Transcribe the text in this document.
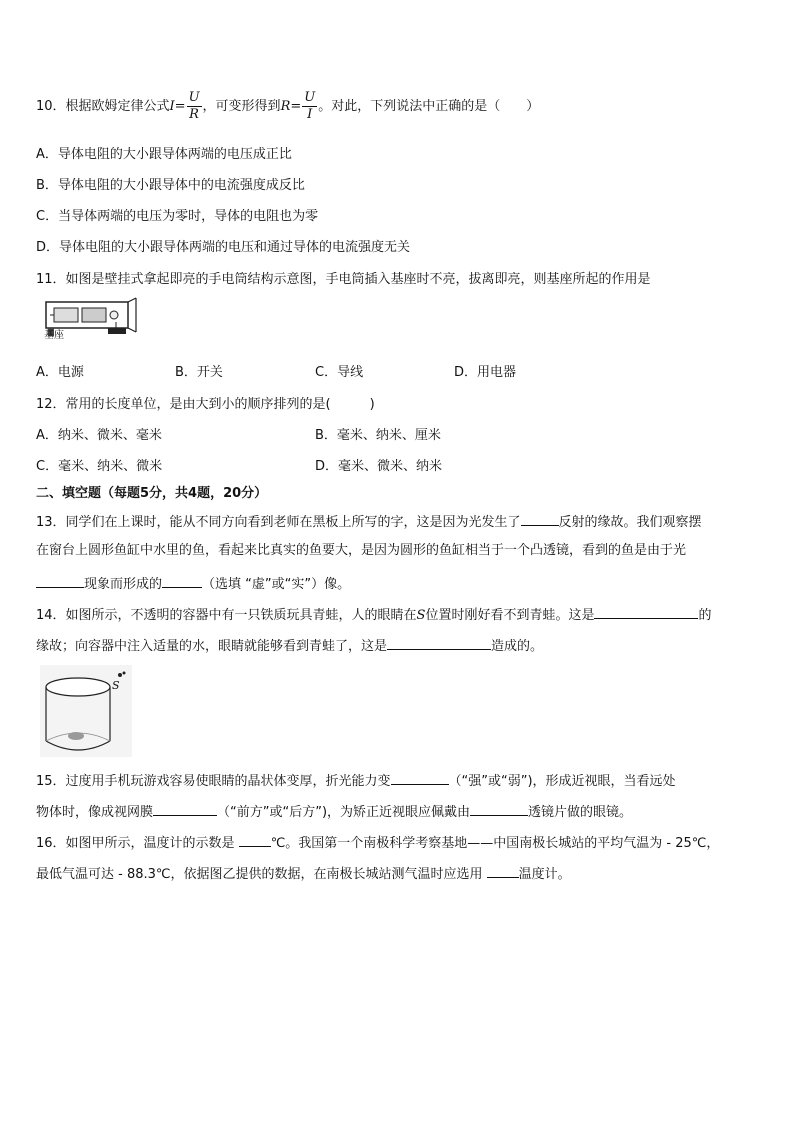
10．根据欧姆定律公式$I= \frac{U}{R}$ ，可变形得到$R= \frac{U}{I}$ 。对此，下列说法中正确的是（　　）
A．导体电阻的大小跟导体两端的电压成正比
B．导体电阻的大小跟导体中的电流强度成反比
C．当导体两端的电压为零时，导体的电阻也为零
D．导体电阻的大小跟导体两端的电压和通过导体的电流强度无关
11．如图是壁挂式拿起即亮的手电筒结构示意图，手电筒插入基座时不亮，拔离即亮，则基座所起的作用是
基座
A．电源	B．开关	C．导线	D．用电器
12．常用的长度单位，是由大到小的顺序排列的是(　　　)
A．纳米、微米、毫米	B．毫米、纳米、厘米
C．毫米、纳米、微米	D．毫米、微米、纳米
二、填空题（每题5分，共4题，20分）
13．同学们在上课时，能从不同方向看到老师在黑板上所写的字，这是因为光发生了	反射的缘故。我们观察摆
在窗台上圆形鱼缸中水里的鱼，看起来比真实的鱼要大，是因为圆形的鱼缸相当于一个凸透镜，看到的鱼是由于光
现象而形成的	（选填 “虚”或“实”）像。
14．如图所示，不透明的容器中有一只铁质玩具青蛙，人的眼睛在S位置时刚好看不到青蛙。这是	的
缘故；向容器中注入适量的水，眼睛就能够看到青蛙了，这是	造成的。
S
15．过度用手机玩游戏容易使眼睛的晶状体变厚，折光能力变	（“强”或“弱”)，形成近视眼，当看远处
物体时，像成视网膜	（“前方”或“后方”)，为矫正近视眼应佩戴由	透镜片做的眼镜。
16．如图甲所示，温度计的示数是 ℃。我国第一个南极科学考察基地——中国南极长城站的平均气温为 - 25℃，
最低气温可达 - 88.3℃，依据图乙提供的数据，在南极长城站测气温时应选用 温度计。
